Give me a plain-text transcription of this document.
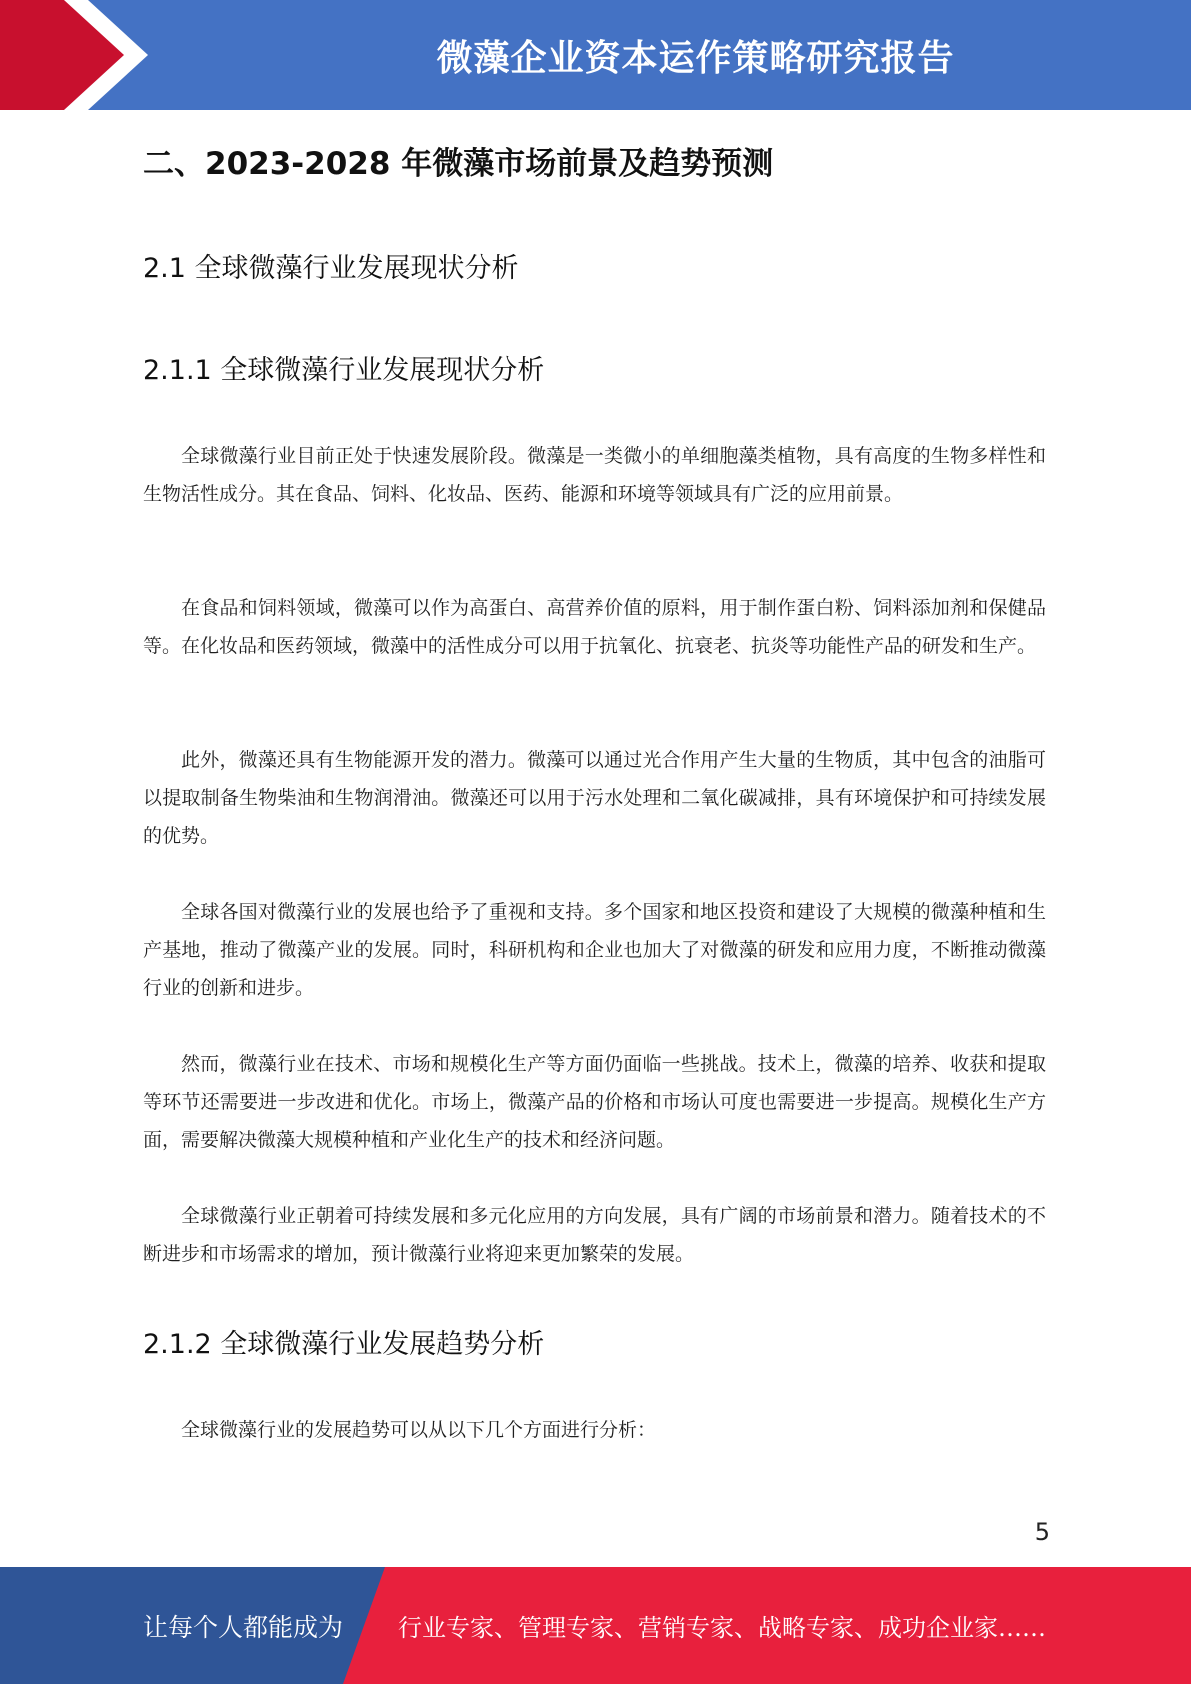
微藻企业资本运作策略研究报告
二、2023-2028 年微藻市场前景及趋势预测
2.1 全球微藻行业发展现状分析
2.1.1 全球微藻行业发展现状分析

全球微藻行业目前正处于快速发展阶段。微藻是一类微小的单细胞藻类植物，具有高度的生物多样性和生物活性成分。其在食品、饲料、化妆品、医药、能源和环境等领域具有广泛的应用前景。

在食品和饲料领域，微藻可以作为高蛋白、高营养价值的原料，用于制作蛋白粉、饲料添加剂和保健品等。在化妆品和医药领域，微藻中的活性成分可以用于抗氧化、抗衰老、抗炎等功能性产品的研发和生产。

此外，微藻还具有生物能源开发的潜力。微藻可以通过光合作用产生大量的生物质，其中包含的油脂可以提取制备生物柴油和生物润滑油。微藻还可以用于污水处理和二氧化碳减排，具有环境保护和可持续发展的优势。

全球各国对微藻行业的发展也给予了重视和支持。多个国家和地区投资和建设了大规模的微藻种植和生产基地，推动了微藻产业的发展。同时，科研机构和企业也加大了对微藻的研发和应用力度，不断推动微藻行业的创新和进步。

然而，微藻行业在技术、市场和规模化生产等方面仍面临一些挑战。技术上，微藻的培养、收获和提取等环节还需要进一步改进和优化。市场上，微藻产品的价格和市场认可度也需要进一步提高。规模化生产方面，需要解决微藻大规模种植和产业化生产的技术和经济问题。

全球微藻行业正朝着可持续发展和多元化应用的方向发展，具有广阔的市场前景和潜力。随着技术的不断进步和市场需求的增加，预计微藻行业将迎来更加繁荣的发展。

2.1.2 全球微藻行业发展趋势分析

全球微藻行业的发展趋势可以从以下几个方面进行分析：

5
让每个人都能成为 行业专家、管理专家、营销专家、战略专家、成功企业家……
